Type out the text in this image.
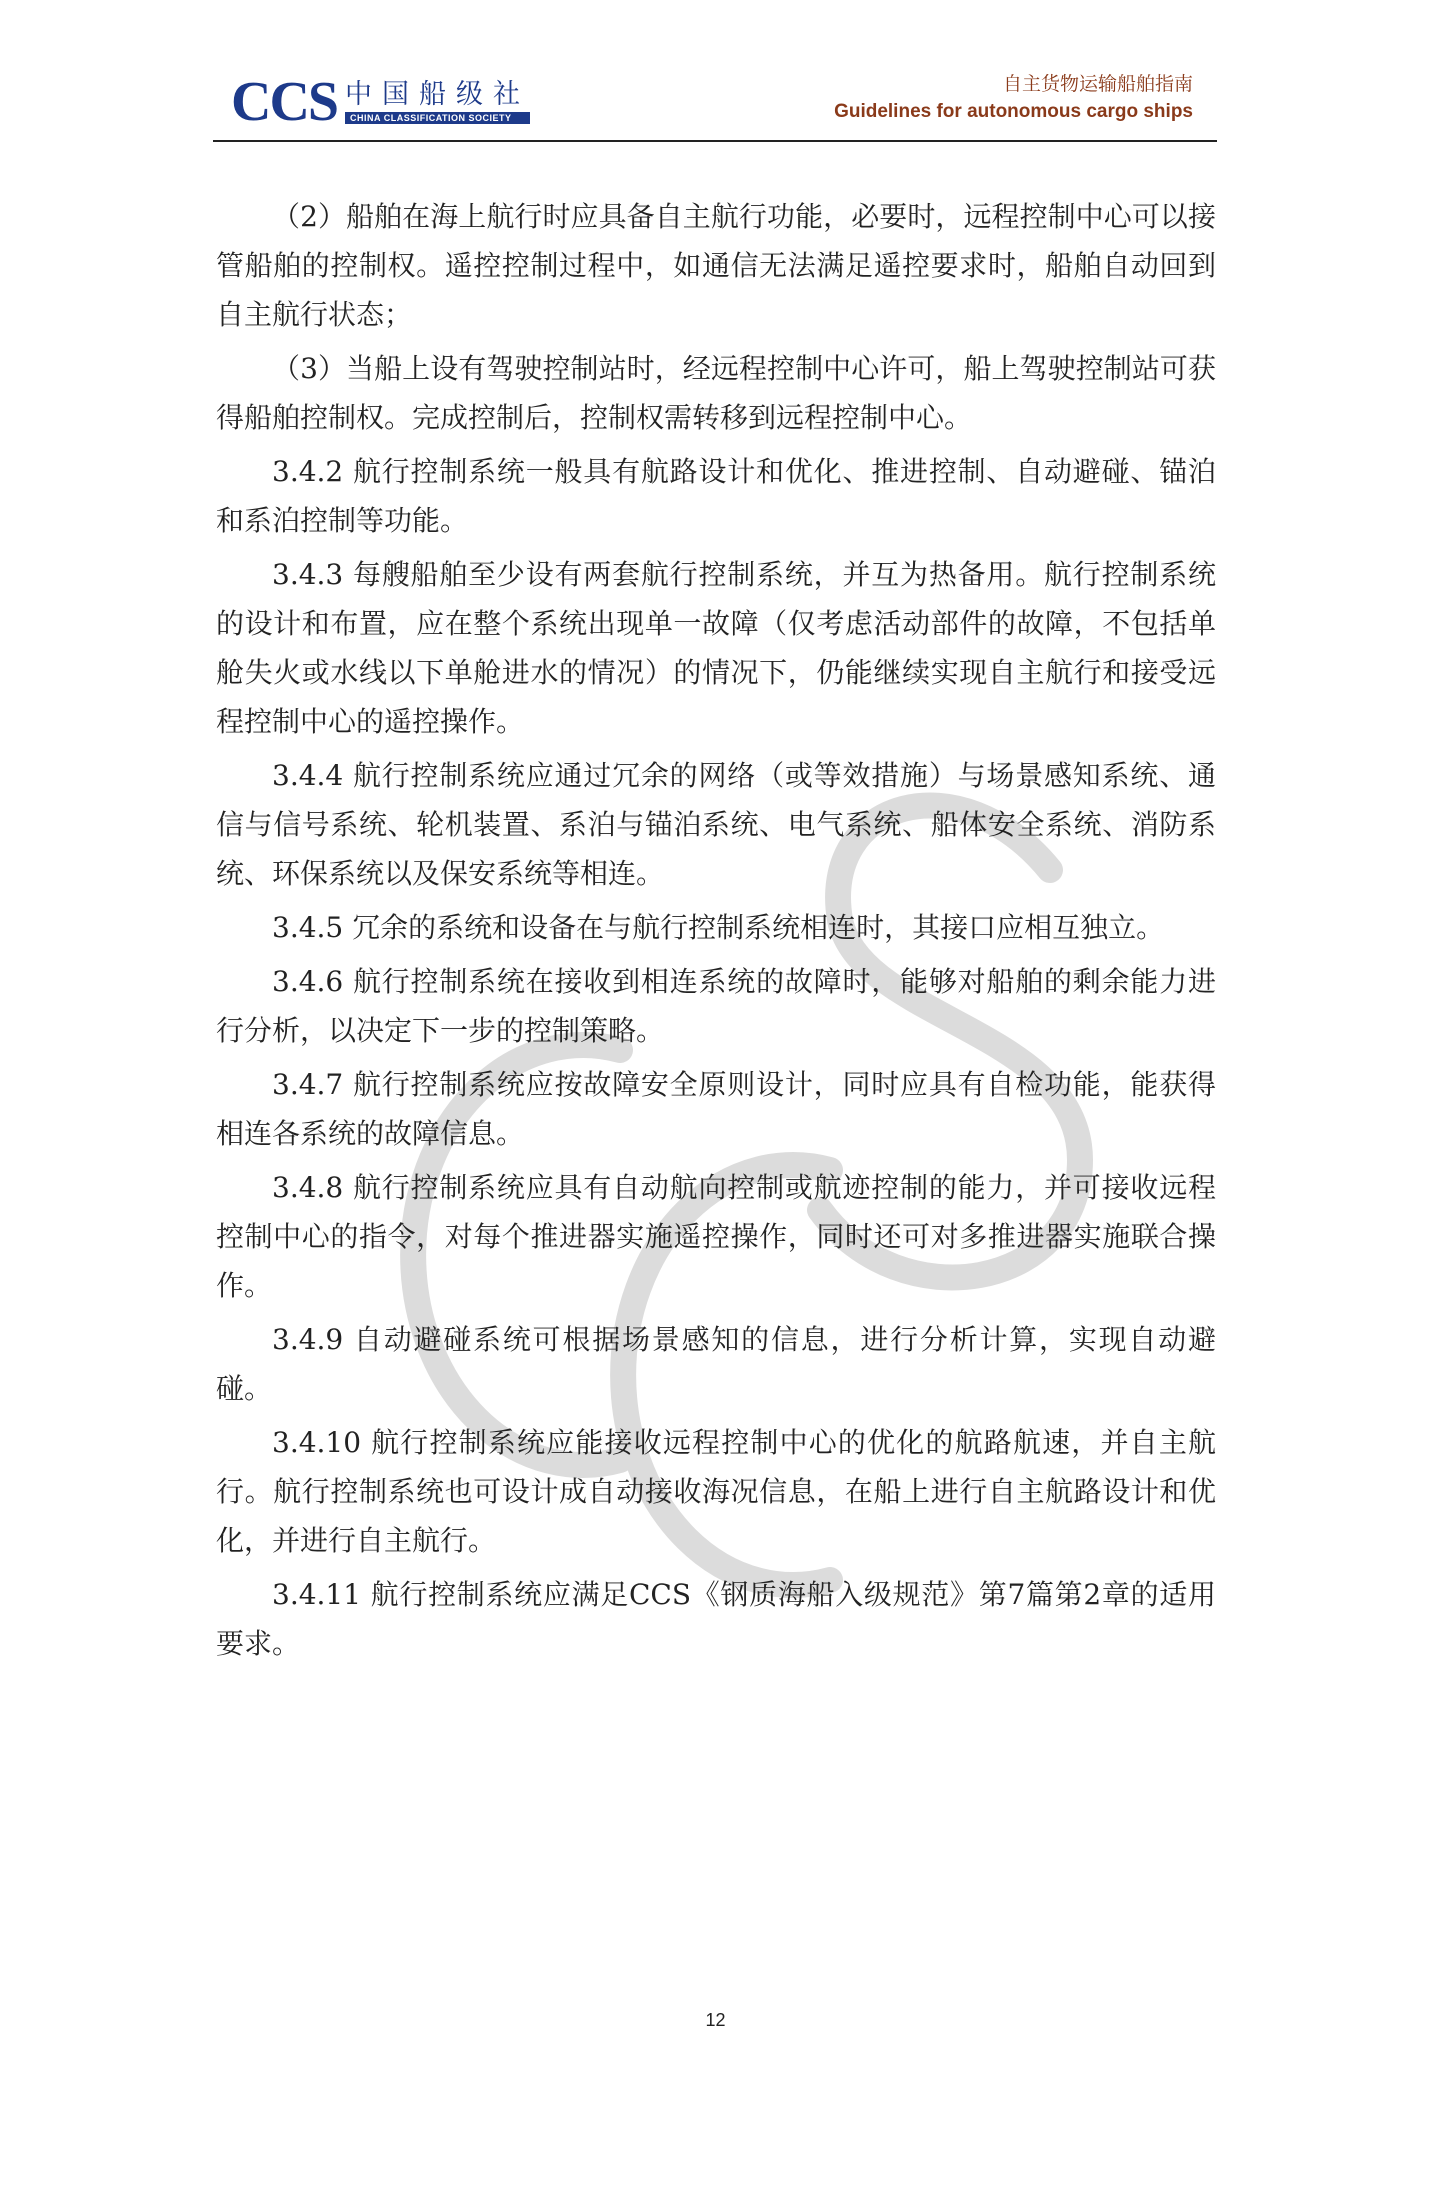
CCS 中国船级社
CHINA CLASSIFICATION SOCIETY
自主货物运输船舶指南
Guidelines for autonomous cargo ships

（2）船舶在海上航行时应具备自主航行功能，必要时，远程控制中心可以接管船舶的控制权。遥控控制过程中，如通信无法满足遥控要求时，船舶自动回到自主航行状态；

（3）当船上设有驾驶控制站时，经远程控制中心许可，船上驾驶控制站可获得船舶控制权。完成控制后，控制权需转移到远程控制中心。

3.4.2 航行控制系统一般具有航路设计和优化、推进控制、自动避碰、锚泊和系泊控制等功能。

3.4.3 每艘船舶至少设有两套航行控制系统，并互为热备用。航行控制系统的设计和布置，应在整个系统出现单一故障（仅考虑活动部件的故障，不包括单舱失火或水线以下单舱进水的情况）的情况下，仍能继续实现自主航行和接受远程控制中心的遥控操作。

3.4.4 航行控制系统应通过冗余的网络（或等效措施）与场景感知系统、通信与信号系统、轮机装置、系泊与锚泊系统、电气系统、船体安全系统、消防系统、环保系统以及保安系统等相连。

3.4.5 冗余的系统和设备在与航行控制系统相连时，其接口应相互独立。

3.4.6 航行控制系统在接收到相连系统的故障时，能够对船舶的剩余能力进行分析，以决定下一步的控制策略。

3.4.7 航行控制系统应按故障安全原则设计，同时应具有自检功能，能获得相连各系统的故障信息。

3.4.8 航行控制系统应具有自动航向控制或航迹控制的能力，并可接收远程控制中心的指令，对每个推进器实施遥控操作，同时还可对多推进器实施联合操作。

3.4.9 自动避碰系统可根据场景感知的信息，进行分析计算，实现自动避碰。

3.4.10 航行控制系统应能接收远程控制中心的优化的航路航速，并自主航行。航行控制系统也可设计成自动接收海况信息，在船上进行自主航路设计和优化，并进行自主航行。

3.4.11 航行控制系统应满足CCS《钢质海船入级规范》第7篇第2章的适用要求。

12
